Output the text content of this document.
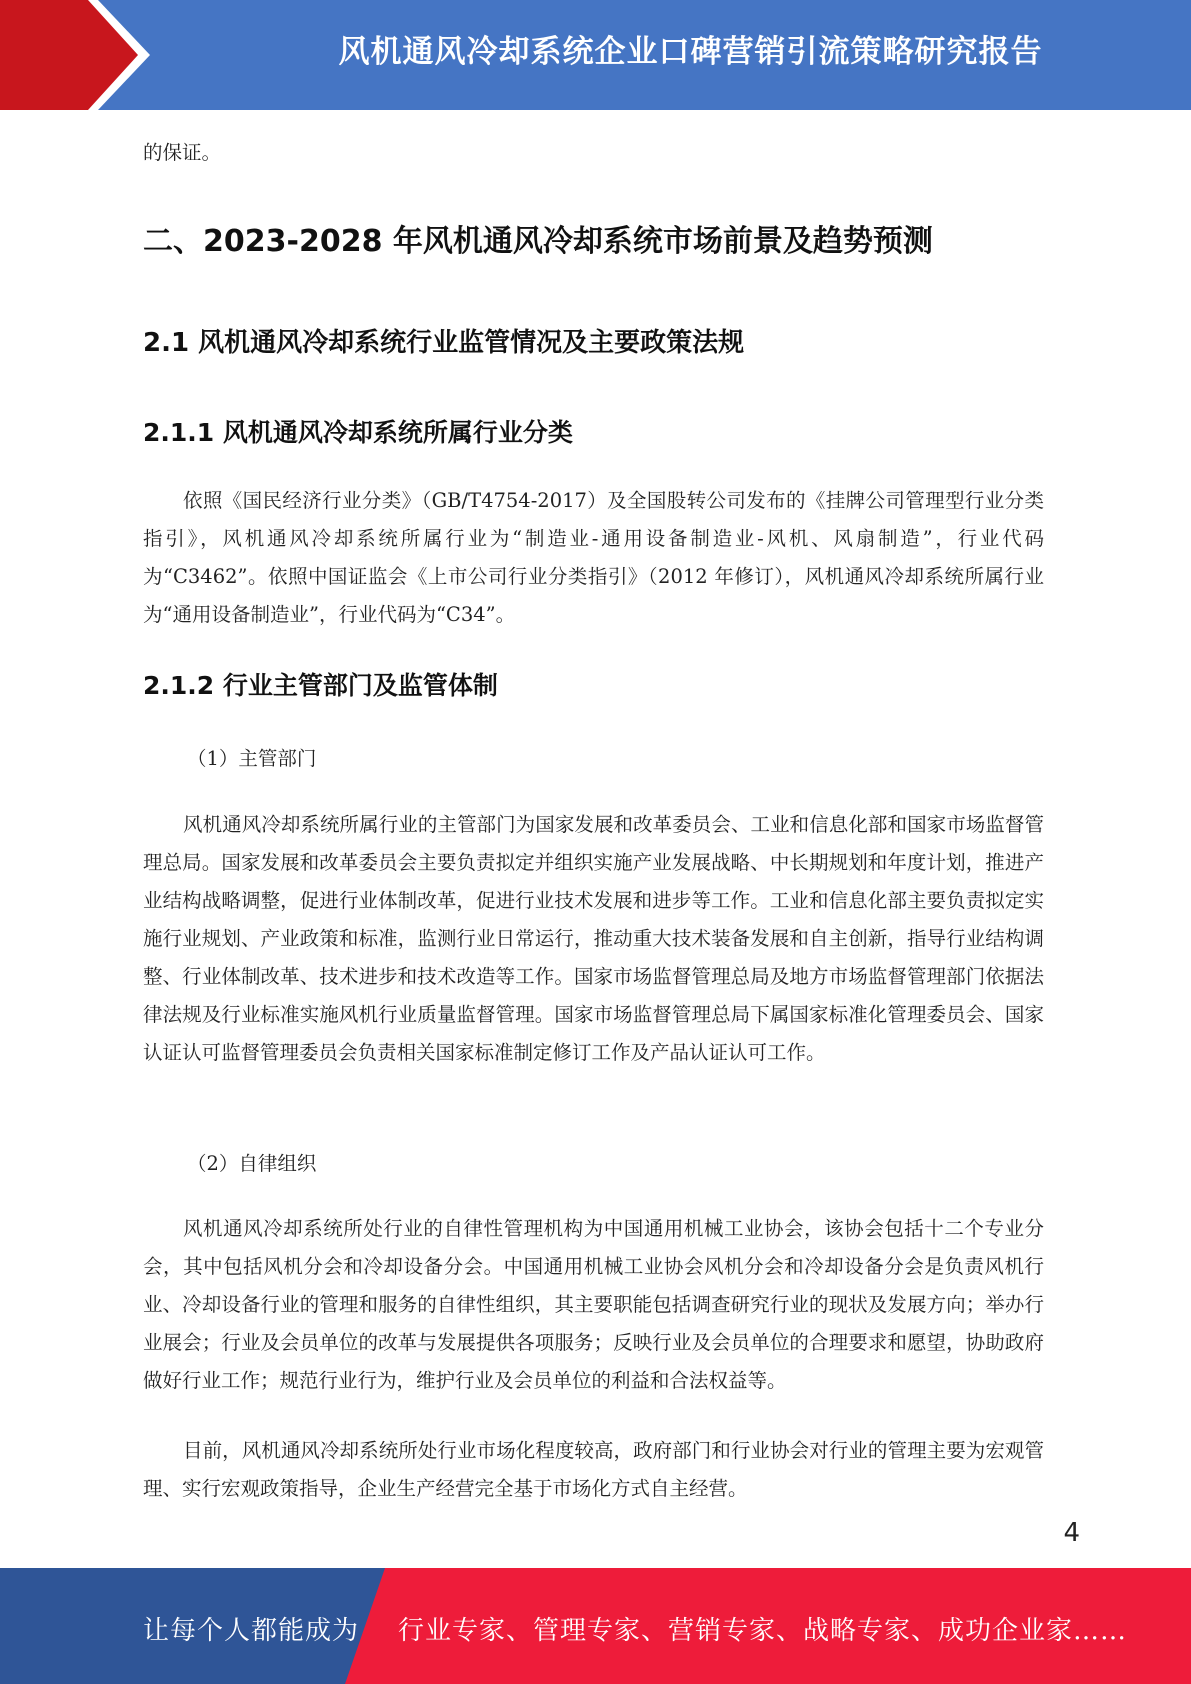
风机通风冷却系统企业口碑营销引流策略研究报告

的保证。

二、2023-2028 年风机通风冷却系统市场前景及趋势预测
2.1 风机通风冷却系统行业监管情况及主要政策法规
2.1.1 风机通风冷却系统所属行业分类

依照《国民经济行业分类》（GB/T4754-2017）及全国股转公司发布的《挂牌公司管理型行业分类指引》，风机通风冷却系统所属行业为“制造业-通用设备制造业-风机、风扇制造”，行业代码为“C3462”。依照中国证监会《上市公司行业分类指引》（2012 年修订），风机通风冷却系统所属行业为“通用设备制造业”，行业代码为“C34”。

2.1.2 行业主管部门及监管体制

（1）主管部门

风机通风冷却系统所属行业的主管部门为国家发展和改革委员会、工业和信息化部和国家市场监督管理总局。国家发展和改革委员会主要负责拟定并组织实施产业发展战略、中长期规划和年度计划，推进产业结构战略调整，促进行业体制改革，促进行业技术发展和进步等工作。工业和信息化部主要负责拟定实施行业规划、产业政策和标准，监测行业日常运行，推动重大技术装备发展和自主创新，指导行业结构调整、行业体制改革、技术进步和技术改造等工作。国家市场监督管理总局及地方市场监督管理部门依据法律法规及行业标准实施风机行业质量监督管理。国家市场监督管理总局下属国家标准化管理委员会、国家认证认可监督管理委员会负责相关国家标准制定修订工作及产品认证认可工作。

（2）自律组织

风机通风冷却系统所处行业的自律性管理机构为中国通用机械工业协会，该协会包括十二个专业分会，其中包括风机分会和冷却设备分会。中国通用机械工业协会风机分会和冷却设备分会是负责风机行业、冷却设备行业的管理和服务的自律性组织，其主要职能包括调查研究行业的现状及发展方向；举办行业展会；行业及会员单位的改革与发展提供各项服务；反映行业及会员单位的合理要求和愿望，协助政府做好行业工作；规范行业行为，维护行业及会员单位的利益和合法权益等。

目前，风机通风冷却系统所处行业市场化程度较高，政府部门和行业协会对行业的管理主要为宏观管理、实行宏观政策指导，企业生产经营完全基于市场化方式自主经营。

4
让每个人都能成为 行业专家、管理专家、营销专家、战略专家、成功企业家……
